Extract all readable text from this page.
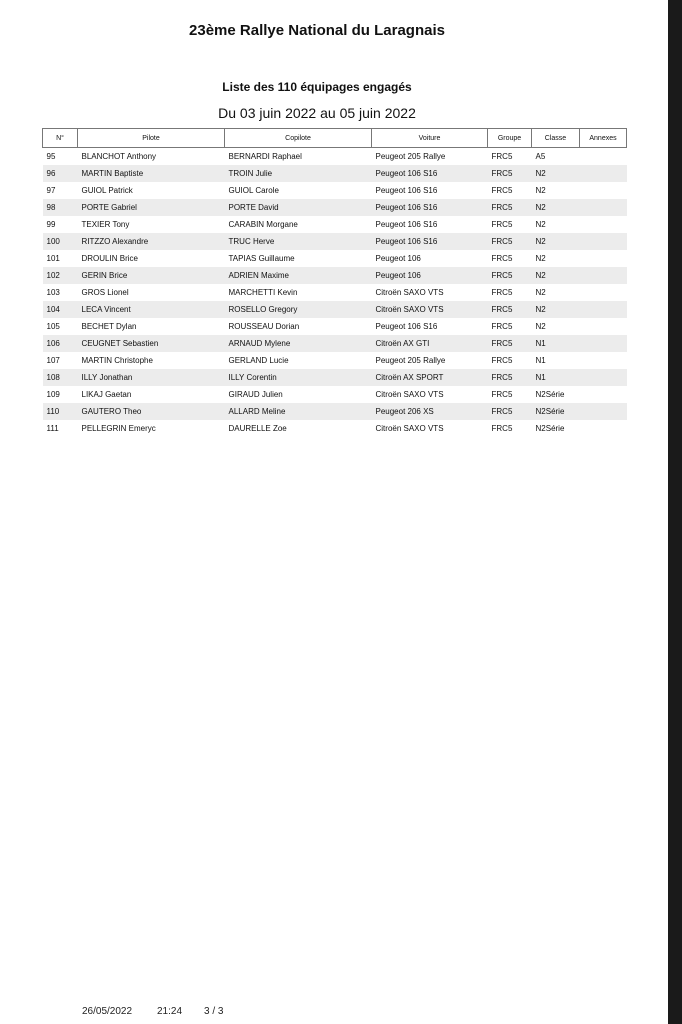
23ème Rallye National du Laragnais
Liste des 110 équipages engagés
Du 03 juin 2022 au 05 juin 2022
N°	Pilote	Copilote	Voiture	Groupe	Classe	Annexes
95	BLANCHOT Anthony	BERNARDI Raphael	Peugeot 205 Rallye	FRC5	A5	
96	MARTIN Baptiste	TROIN Julie	Peugeot 106 S16	FRC5	N2	
97	GUIOL Patrick	GUIOL Carole	Peugeot 106 S16	FRC5	N2	
98	PORTE Gabriel	PORTE David	Peugeot 106 S16	FRC5	N2	
99	TEXIER Tony	CARABIN Morgane	Peugeot 106 S16	FRC5	N2	
100	RITZZO Alexandre	TRUC Herve	Peugeot 106 S16	FRC5	N2	
101	DROULIN Brice	TAPIAS Guillaume	Peugeot 106	FRC5	N2	
102	GERIN Brice	ADRIEN Maxime	Peugeot 106	FRC5	N2	
103	GROS Lionel	MARCHETTI Kevin	Citroën SAXO VTS	FRC5	N2	
104	LECA Vincent	ROSELLO Gregory	Citroën SAXO VTS	FRC5	N2	
105	BECHET Dylan	ROUSSEAU Dorian	Peugeot 106 S16	FRC5	N2	
106	CEUGNET Sebastien	ARNAUD Mylene	Citroën AX GTI	FRC5	N1	
107	MARTIN Christophe	GERLAND Lucie	Peugeot 205 Rallye	FRC5	N1	
108	ILLY Jonathan	ILLY Corentin	Citroën AX SPORT	FRC5	N1	
109	LIKAJ Gaetan	GIRAUD Julien	Citroën SAXO VTS	FRC5	N2Série	
110	GAUTERO Theo	ALLARD Meline	Peugeot 206 XS	FRC5	N2Série	
111	PELLEGRIN Emeryc	DAURELLE Zoe	Citroën SAXO VTS	FRC5	N2Série	
26/05/2022 21:24 3 / 3
